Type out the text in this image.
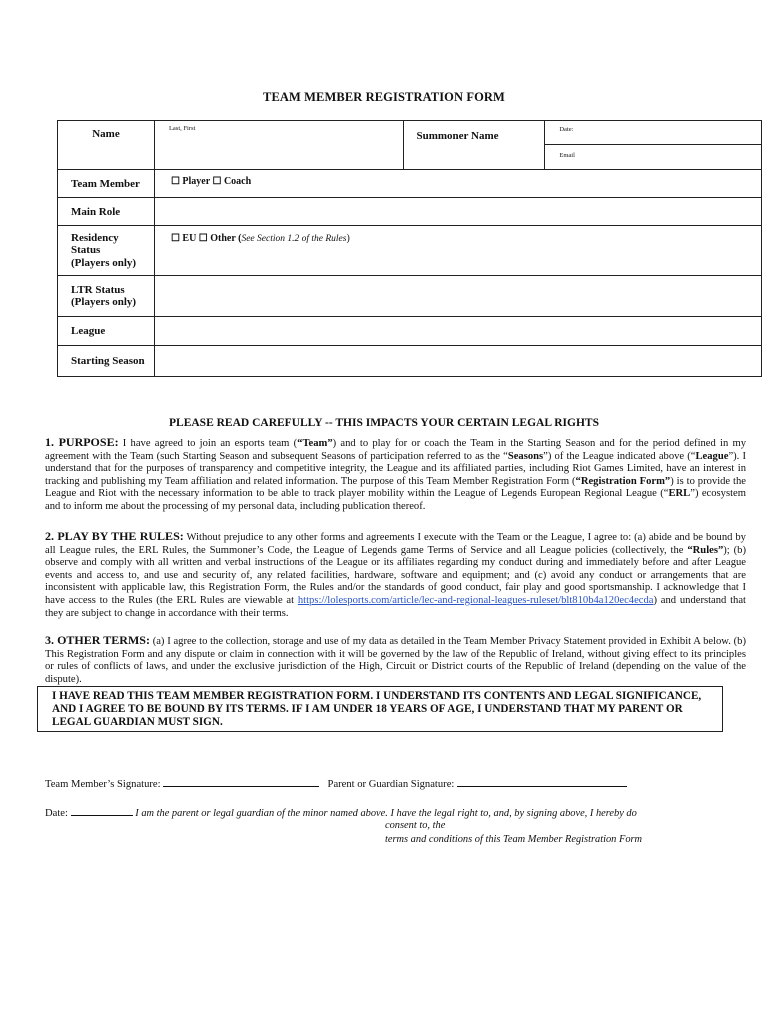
TEAM MEMBER REGISTRATION FORM
Name	Last, First	Summoner Name	Date:
Email

Team Member	☐ Player ☐ Coach		
Main Role			
Residency
Status
(Players only)	☐ EU ☐ Other (See Section 1.2 of the Rules)		
LTR Status
(Players only)			
League			
Starting Season			
PLEASE READ CAREFULLY -- THIS IMPACTS YOUR CERTAIN LEGAL RIGHTS
1. PURPOSE: I have agreed to join an esports team (“Team”) and to play for or coach the Team in the Starting Season and for the period defined in my agreement with the Team (such Starting Season and subsequent Seasons of participation referred to as the “Seasons”) of the League indicated above (“League”). I understand that for the purposes of transparency and competitive integrity, the League and its affiliated parties, including Riot Games Limited, have an interest in tracking and publishing my Team affiliation and related information. The purpose of this Team Member Registration Form (“Registration Form”) is to provide the League and Riot with the necessary information to be able to track player mobility within the League of Legends European Regional League (“ERL”) ecosystem and to inform me about the processing of my personal data, including publication thereof.
2. PLAY BY THE RULES: Without prejudice to any other forms and agreements I execute with the Team or the League, I agree to: (a) abide and be bound by all League rules, the ERL Rules, the Summoner’s Code, the League of Legends game Terms of Service and all League policies (collectively, the “Rules”); (b) observe and comply with all written and verbal instructions of the League or its affiliates regarding my conduct during and immediately before and after League events and access to, and use and security of, any related facilities, hardware, software and equipment; and (c) avoid any conduct or arrangements that are inconsistent with applicable law, this Registration Form, the Rules and/or the standards of good conduct, fair play and good sportsmanship. I acknowledge that I have access to the Rules (the ERL Rules are viewable at https://lolesports.com/article/lec-and-regional-leagues-ruleset/blt810b4a120ec4ecda) and understand that they are subject to change in accordance with their terms.
3. OTHER TERMS: (a) I agree to the collection, storage and use of my data as detailed in the Team Member Privacy Statement provided in Exhibit A below. (b) This Registration Form and any dispute or claim in connection with it will be governed by the law of the Republic of Ireland, without giving effect to its principles or rules of conflicts of laws, and under the exclusive jurisdiction of the High, Circuit or District courts of the Republic of Ireland (depending on the value of the dispute).
I HAVE READ THIS TEAM MEMBER REGISTRATION FORM. I UNDERSTAND ITS CONTENTS AND LEGAL SIGNIFICANCE, AND I AGREE TO BE BOUND BY ITS TERMS. IF I AM UNDER 18 YEARS OF AGE, I UNDERSTAND THAT MY PARENT OR LEGAL GUARDIAN MUST SIGN.
Team Member’s Signature:	Parent or Guardian Signature:
Date:	I am the parent or legal guardian of the minor named above. I have the legal right to, and, by signing above, I hereby do
consent to, the
terms and conditions of this Team Member Registration Form
